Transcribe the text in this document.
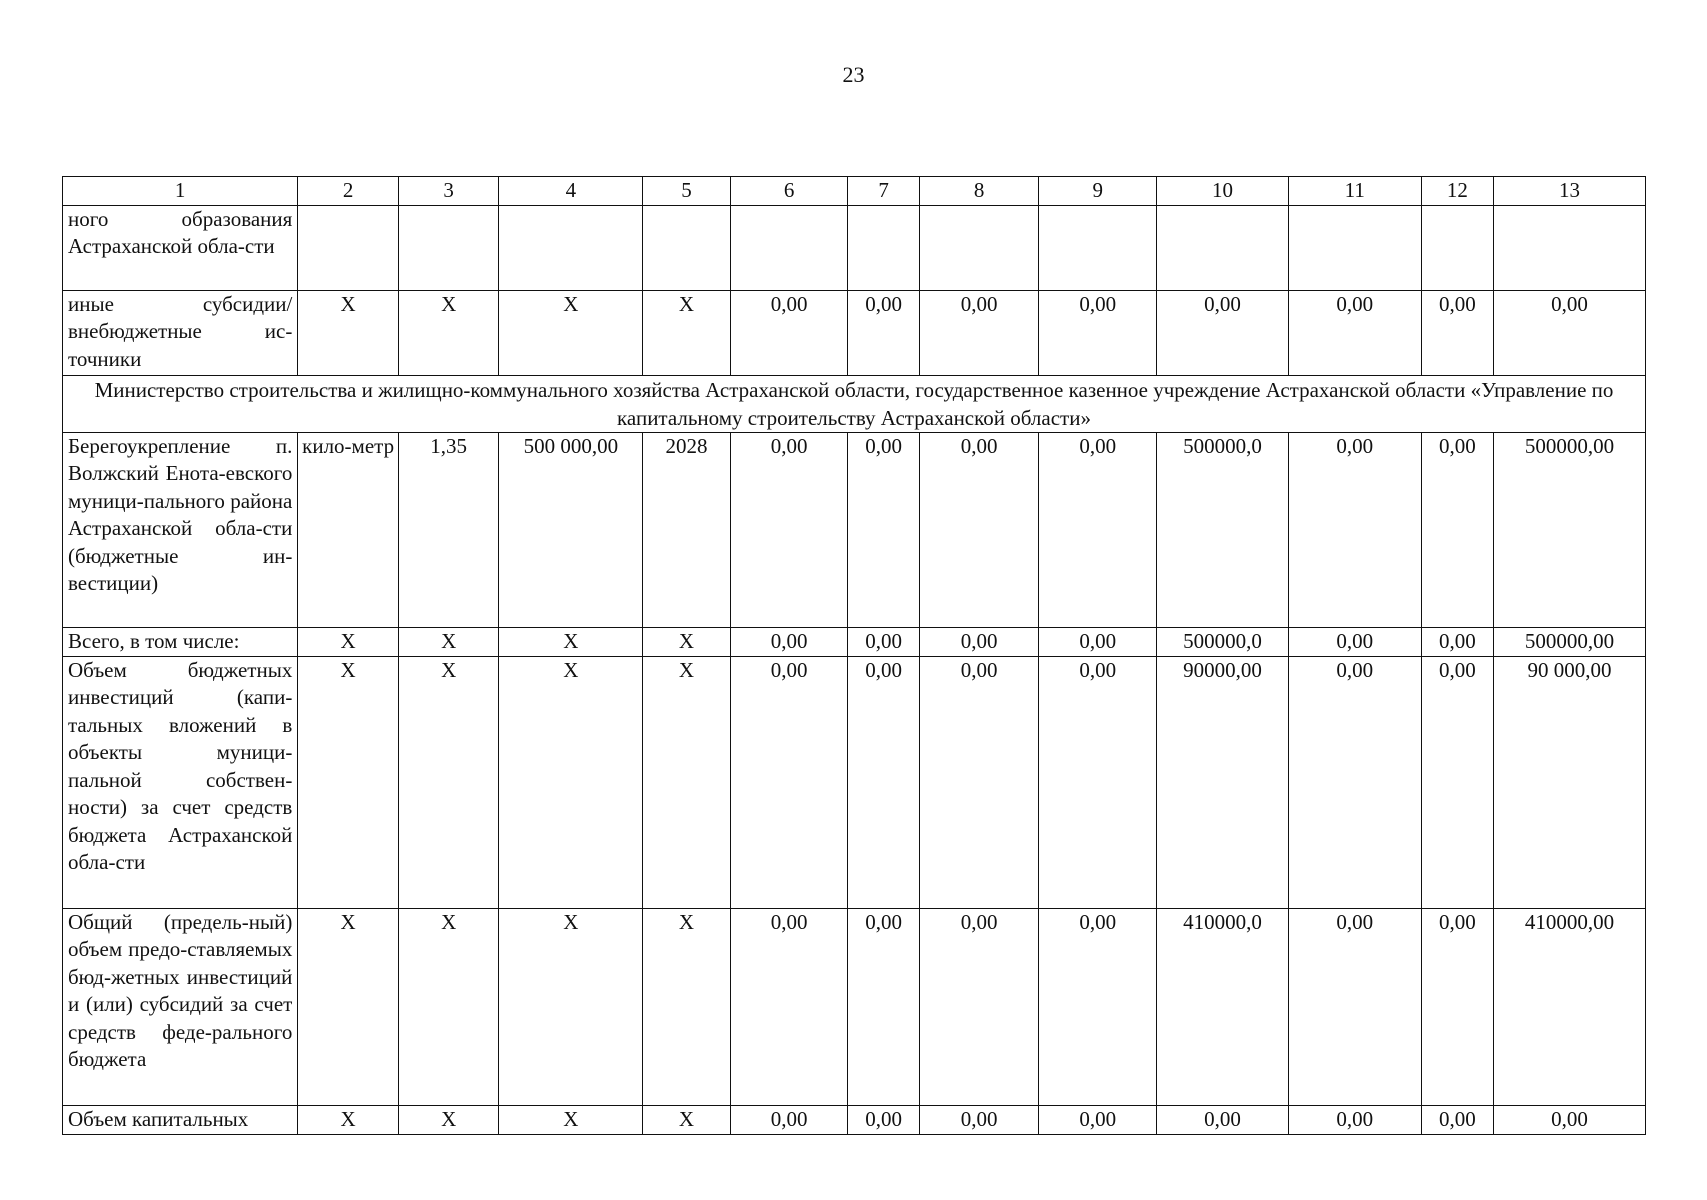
23
1	2	3	4	5	6	7	8	9	10	11	12	13
ного образования Астраханской обла-сти												
иные субсидии/ внебюджетные ис-точники	Х	Х	Х	Х	0,00	0,00	0,00	0,00	0,00	0,00	0,00	0,00
Министерство строительства и жилищно-коммунального хозяйства Астраханской области, государственное казенное учреждение Астраханской области «Управление по капитальному строительству Астраханской области»												
Берегоукрепление п. Волжский Енота-евского муници-пального района Астраханской обла-сти (бюджетные ин-вестиции)	кило-метр	1,35	500 000,00	2028	0,00	0,00	0,00	0,00	500000,0	0,00	0,00	500000,00
Всего, в том числе:	Х	Х	Х	Х	0,00	0,00	0,00	0,00	500000,0	0,00	0,00	500000,00
Объем бюджетных инвестиций (капи-тальных вложений в объекты муници-пальной собствен-ности) за счет средств бюджета Астраханской обла-сти	Х	Х	Х	Х	0,00	0,00	0,00	0,00	90000,00	0,00	0,00	90 000,00
Общий (предель-ный) объем предо-ставляемых бюд-жетных инвестиций и (или) субсидий за счет средств феде-рального бюджета	Х	Х	Х	Х	0,00	0,00	0,00	0,00	410000,0	0,00	0,00	410000,00
Объем капитальных	Х	Х	Х	Х	0,00	0,00	0,00	0,00	0,00	0,00	0,00	0,00
